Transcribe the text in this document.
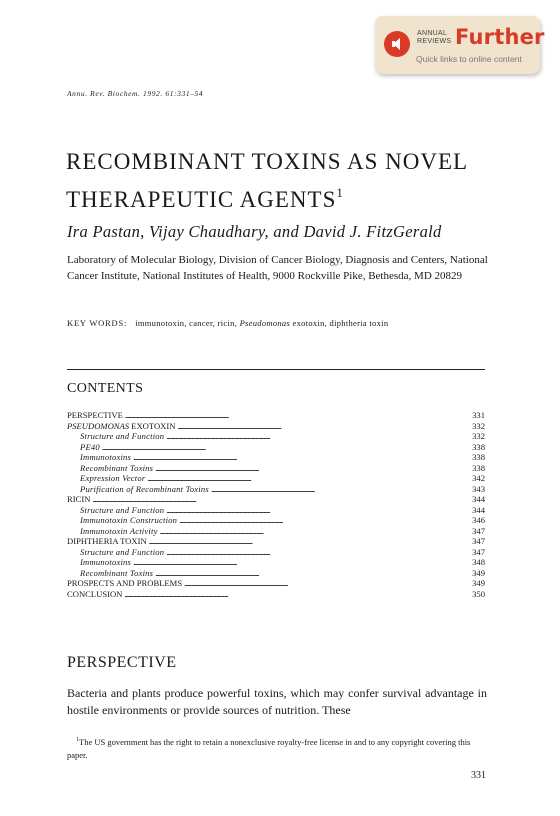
ANNUAL
REVIEWS Further
Quick links to online content
Annu. Rev. Biochem. 1992. 61:331–54
RECOMBINANT TOXINS AS NOVEL THERAPEUTIC AGENTS$^1$
Ira Pastan, Vijay Chaudhary, and David J. FitzGerald
Laboratory of Molecular Biology, Division of Cancer Biology, Diagnosis and Centers, National Cancer Institute, National Institutes of Health, 9000 Rockville Pike, Bethesda, MD 20829
KEY WORDS: immunotoxin, cancer, ricin, Pseudomonas exotoxin, diphtheria toxin
CONTENTS
PERSPECTIVE . . .	331
PSEUDOMONAS EXOTOXIN . . .	332
Structure and Function . . .	332
PE40 . . .	338
Immunotoxins . . .	338
Recombinant Toxins . . .	338
Expression Vector . . .	342
Purification of Recombinant Toxins . . .	343
RICIN . . .	344
Structure and Function . . .	344
Immunotoxin Construction . . .	346
Immunotoxin Activity . . .	347
DIPHTHERIA TOXIN . . .	347
Structure and Function . . .	347
Immunotoxins . . .	348
Recombinant Toxins . . .	349
PROSPECTS AND PROBLEMS . . .	349
CONCLUSION . . .	350
PERSPECTIVE
Bacteria and plants produce powerful toxins, which may confer survival advantage in hostile environments or provide sources of nutrition. These
$^1$The US government has the right to retain a nonexclusive royalty-free license in and to any copyright covering this paper.
331
